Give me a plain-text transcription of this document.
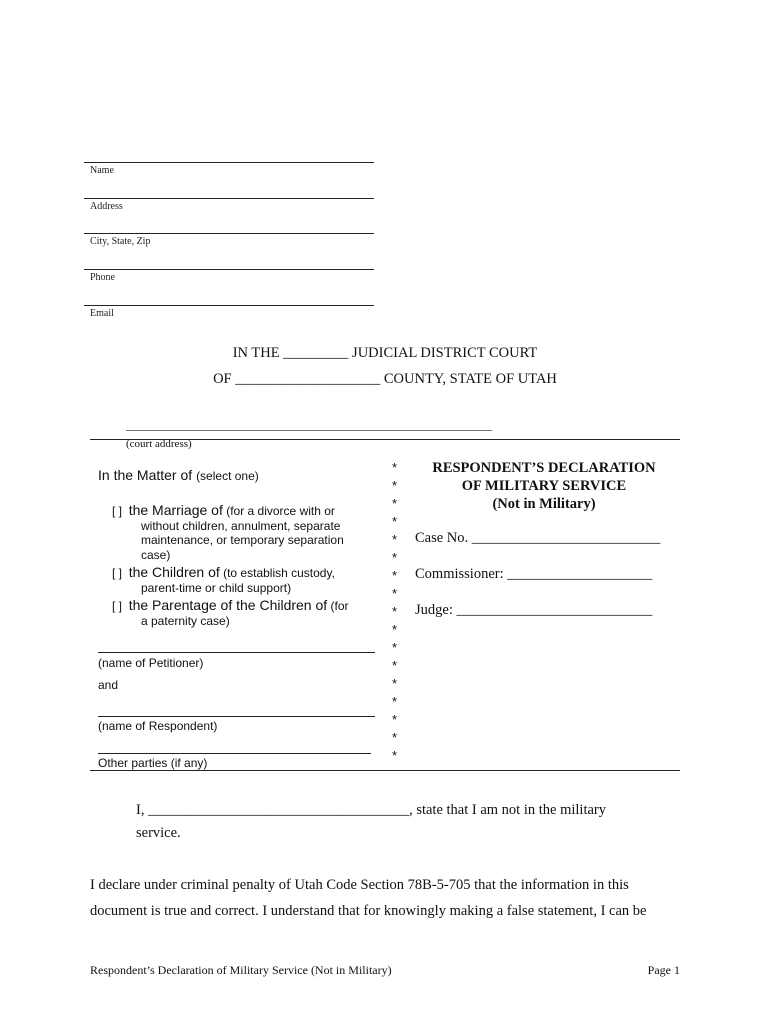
Name
Address
City, State, Zip
Phone
Email
IN THE _________ JUDICIAL DISTRICT COURT
OF ____________________ COUNTY, STATE OF UTAH

_____________________________________________________________
(court address)

In the Matter of (select one)
[ ] the Marriage of (for a divorce with or
without children, annulment, separate
maintenance, or temporary separation
case)
[ ] the Children of (to establish custody,
parent-time or child support)
[ ] the Parentage of the Children of (for
a paternity case)
(name of Petitioner)
and
(name of Respondent)
Other parties (if any)
*
*
*
*
*
*
*
*
*
*
*
*
*
*
*
*
*
RESPONDENT’S DECLARATION
OF MILITARY SERVICE
(Not in Military)
Case No. __________________________
Commissioner: ____________________
Judge: ___________________________
I, ____________________________________, state that I am not in the military
service.
I declare under criminal penalty of Utah Code Section 78B-5-705 that the information in this
document is true and correct. I understand that for knowingly making a false statement, I can be
Respondent’s Declaration of Military Service (Not in Military)	Page 1
